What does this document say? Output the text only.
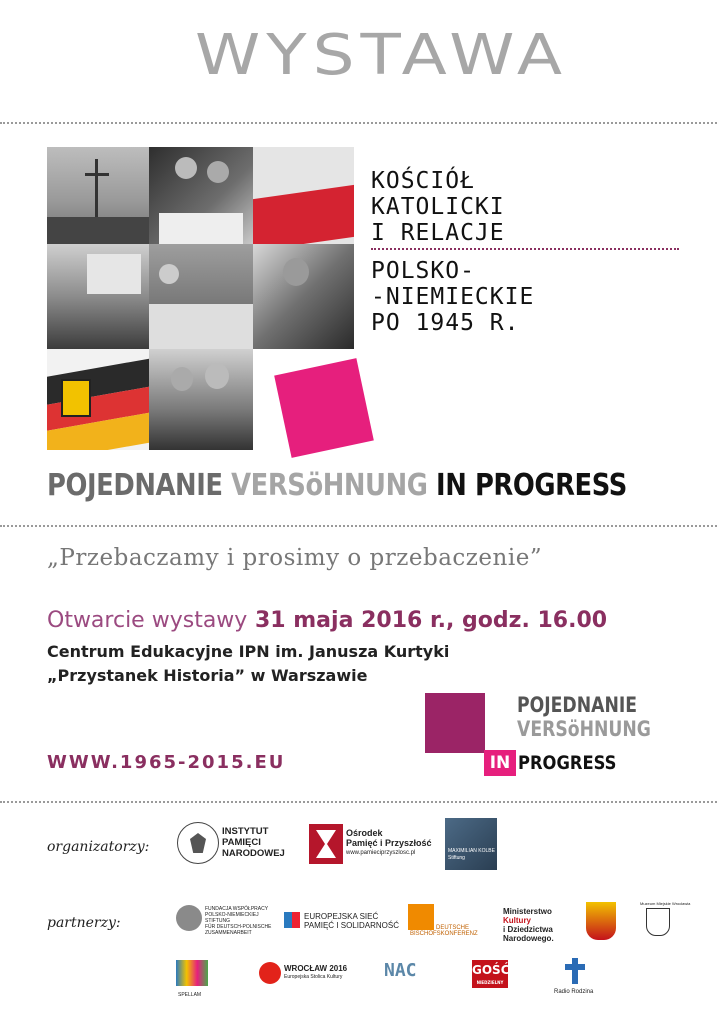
WYSTAWA
KOŚCIÓŁ
KATOLICKI
I RELACJE
POLSKO-
-NIEMIECKIE
PO 1945 R.
POJEDNANIE VERSöHNUNG IN PROGRESS
„Przebaczamy i prosimy o przebaczenie”
Otwarcie wystawy 31 maja 2016 r., godz. 16.00
Centrum Edukacyjne IPN im. Janusza Kurtyki
„Przystanek Historia” w Warszawie
WWW.1965-2015.EU
POJEDNANIE
VERSöHNUNG
IN PROGRESS
organizatorzy:
INSTYTUT
PAMIĘCI
NARODOWEJ
Ośrodek
Pamięć i Przyszłość
www.pamieciprzyszlosc.pl	MAXIMILIAN KOLBE
Stiftung
partnerzy:
FUNDACJA WSPÓŁPRACY
POLSKO-NIEMIECKIEJ
STIFTUNG
FÜR DEUTSCH-POLNISCHE
ZUSAMMENARBEIT
EUROPEJSKA SIEĆ
PAMIĘĆ I SOLIDARNOŚĆ	DEUTSCHE
BISCHOFSKONFERENZ
Ministerstwo
Kultury
i Dziedzictwa
Narodowego.
Muzeum Miejskie Wrocławia
SPELLAM
WROCŁAW 2016
Europejska Stolica Kultury NAC	GOŚĆ
NIEDZIELNY
Radio Rodzina
